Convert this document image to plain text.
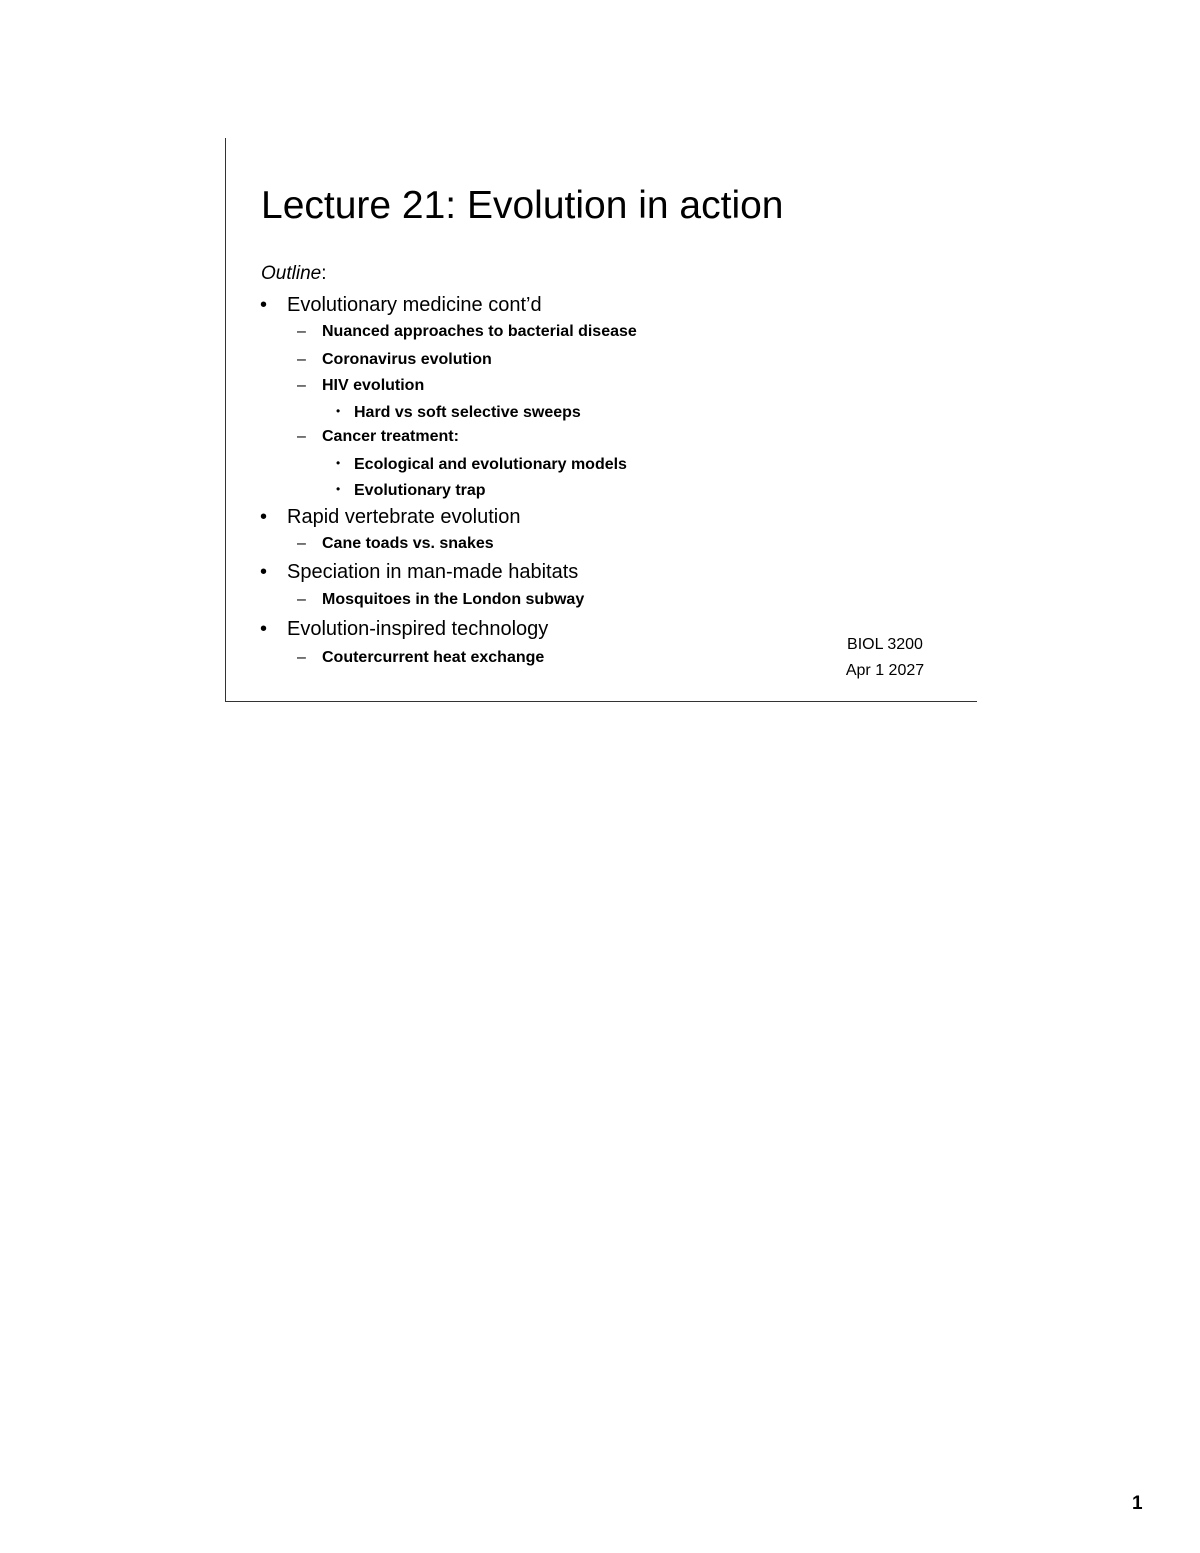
Lecture 21: Evolution in action
Outline:
• Evolutionary medicine cont’d
– Nuanced approaches to bacterial disease
– Coronavirus evolution
– HIV evolution
• Hard vs soft selective sweeps
– Cancer treatment:
• Ecological and evolutionary models
• Evolutionary trap
• Rapid vertebrate evolution
– Cane toads vs. snakes
• Speciation in man-made habitats
– Mosquitoes in the London subway
• Evolution-inspired technology
– Coutercurrent heat exchange
BIOL 3200
Apr 1 2027
1
